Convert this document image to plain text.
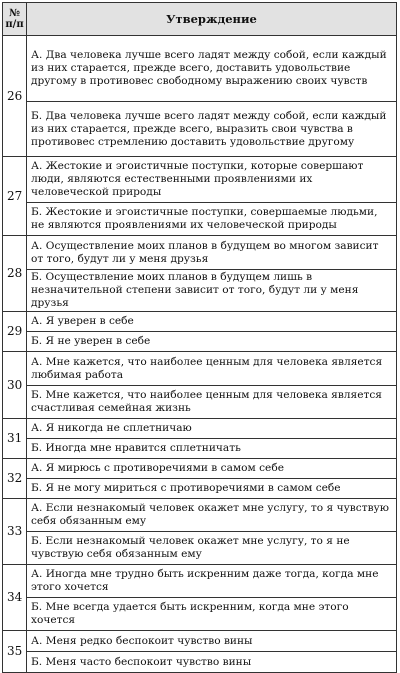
№ п/п	Утверждение
26	А. Два человека лучше всего ладят между собой, если каждый из них старается, прежде всего, доставить удовольствие другому в противовес свободному выражению своих чувств
	Б. Два человека лучше всего ладят между собой, если каждый из них старается, прежде всего, выразить свои чувства в противовес стремлению доставить удовольствие другому
27	А. Жестокие и эгоистичные поступки, которые совершают люди, являются естественными проявлениями их человеческой природы
	Б. Жестокие и эгоистичные поступки, совершаемые людьми, не являются проявлениями их человеческой природы
28	А. Осуществление моих планов в будущем во многом зависит от того, будут ли у меня друзья
	Б. Осуществление моих планов в будущем лишь в незначительной степени зависит от того, будут ли у меня друзья
29	А. Я уверен в себе
	Б. Я не уверен в себе
30	А. Мне кажется, что наиболее ценным для человека является любимая работа
	Б. Мне кажется, что наиболее ценным для человека является счастливая семейная жизнь
31	А. Я никогда не сплетничаю
	Б. Иногда мне нравится сплетничать
32	А. Я мирюсь с противоречиями в самом себе
	Б. Я не могу мириться с противоречиями в самом себе
33	А. Если незнакомый человек окажет мне услугу, то я чувствую себя обязанным ему
	Б. Если незнакомый человек окажет мне услугу, то я не чувствую себя обязанным ему
34	А. Иногда мне трудно быть искренним даже тогда, когда мне этого хочется
	Б. Мне всегда удается быть искренним, когда мне этого хочется
35	А. Меня редко беспокоит чувство вины
	Б. Меня часто беспокоит чувство вины
